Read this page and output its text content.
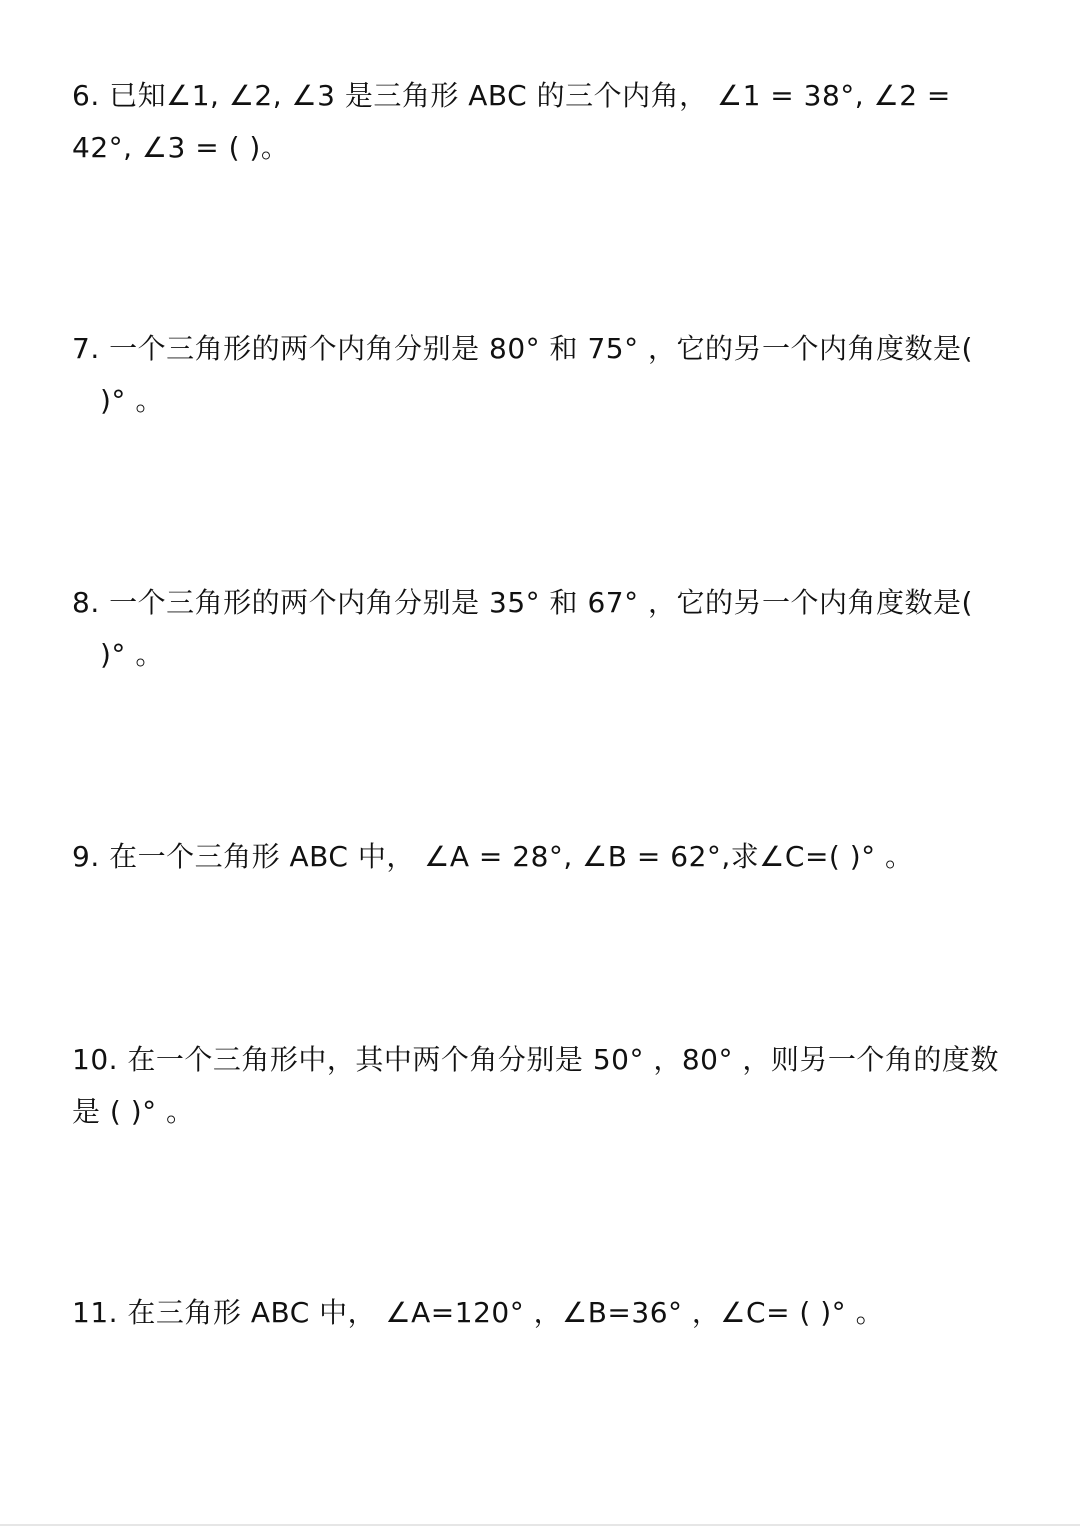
6. 已知∠1, ∠2, ∠3 是三角形 ABC 的三个内角， ∠1 = 38°, ∠2 =
42°, ∠3 = ( )。

7. 一个三角形的两个内角分别是 80° 和 75° ，它的另一个内角度数是(
)° 。

8. 一个三角形的两个内角分别是 35° 和 67° ，它的另一个内角度数是(
)° 。

9. 在一个三角形 ABC 中， ∠A = 28°, ∠B = 62°,求∠C=( )° 。

10. 在一个三角形中，其中两个角分别是 50° ，80° ，则另一个角的度数
是 ( )° 。

11. 在三角形 ABC 中， ∠A=120° ，∠B=36° ，∠C= ( )° 。
